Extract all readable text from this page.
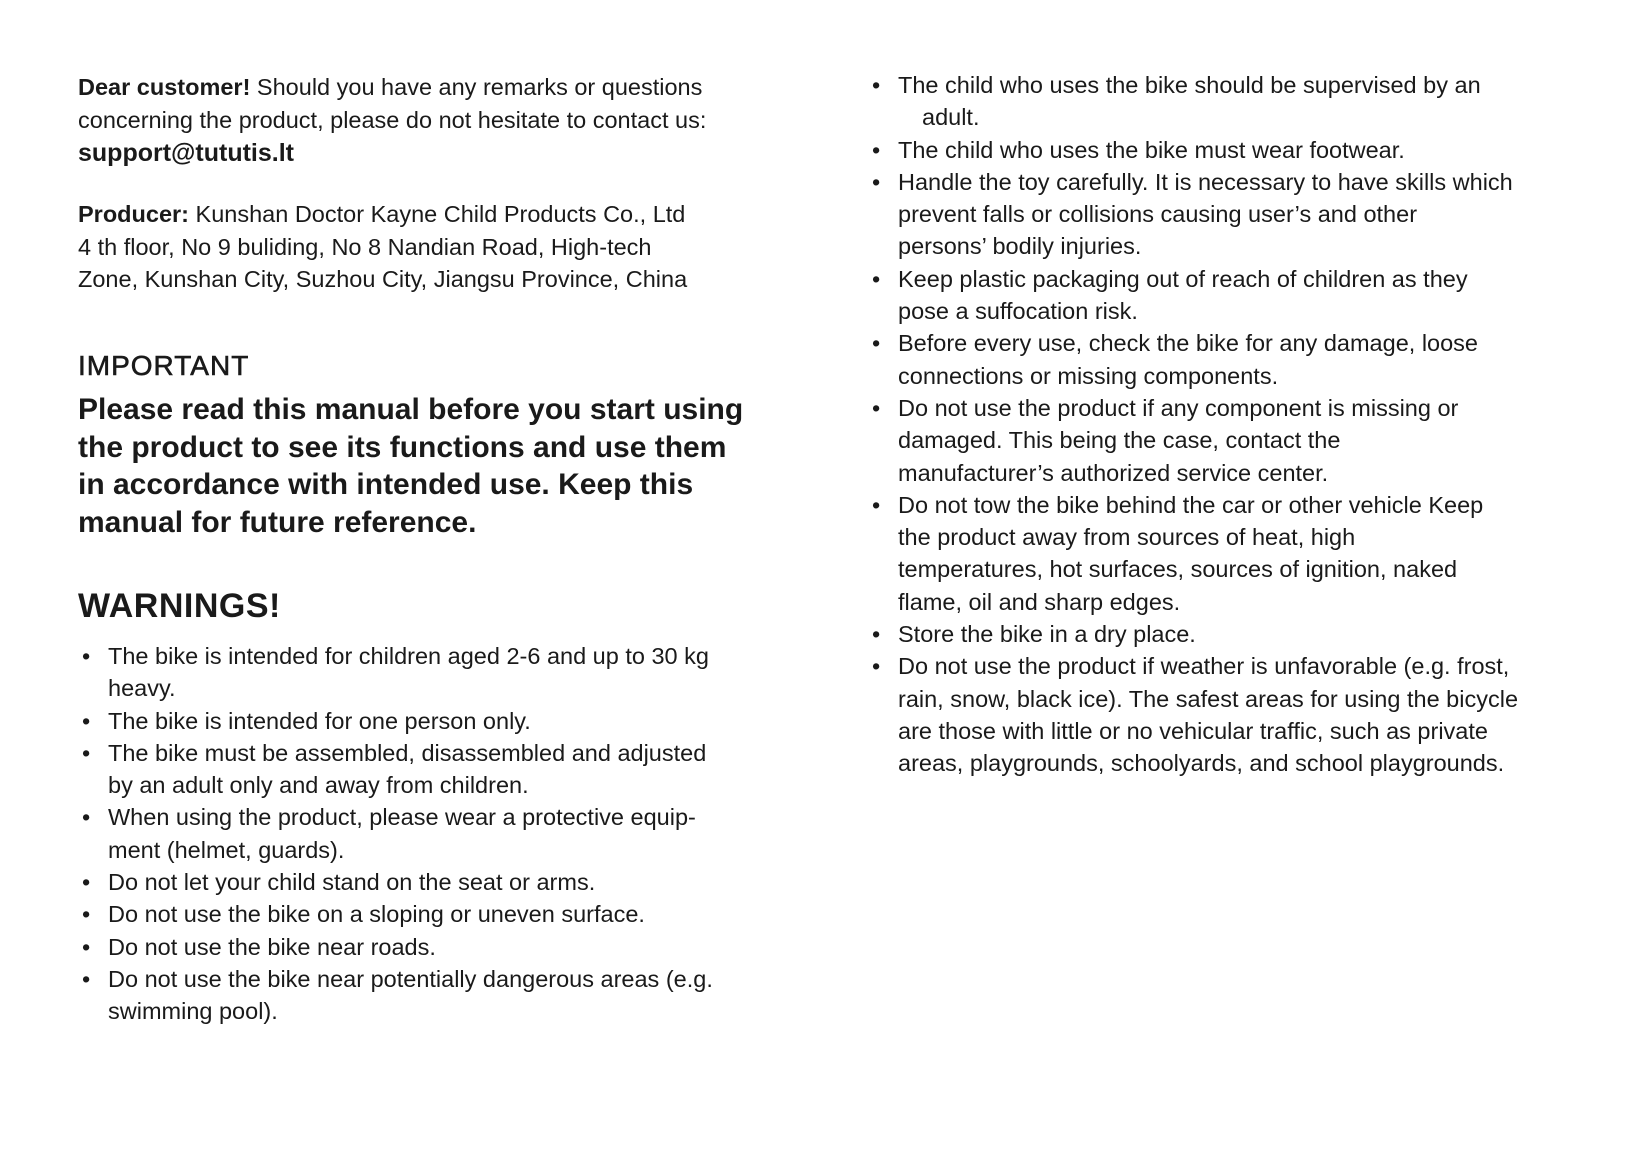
Dear customer! Should you have any remarks or questions
concerning the product, please do not hesitate to contact us:
support@tututis.lt

Producer: Kunshan Doctor Kayne Child Products Co., Ltd
4 th floor, No 9 buliding, No 8 Nandian Road, High-tech
Zone, Kunshan City, Suzhou City, Jiangsu Province, China

IMPORTANT

Please read this manual before you start using
the product to see its functions and use them
in accordance with intended use. Keep this
manual for future reference.

WARNINGS!
• The bike is intended for children aged 2-6 and up to 30 kg
heavy.
• The bike is intended for one person only.
• The bike must be assembled, disassembled and adjusted
by an adult only and away from children.
• When using the product, please wear a protective equip-
ment (helmet, guards).
• Do not let your child stand on the seat or arms.
• Do not use the bike on a sloping or uneven surface.
• Do not use the bike near roads.
• Do not use the bike near potentially dangerous areas (e.g.
swimming pool).
• The child who uses the bike should be supervised by an
adult.
• The child who uses the bike must wear footwear.
• Handle the toy carefully. It is necessary to have skills which
prevent falls or collisions causing user’s and other
persons’ bodily injuries.
• Keep plastic packaging out of reach of children as they
pose a suffocation risk.
• Before every use, check the bike for any damage, loose
connections or missing components.
• Do not use the product if any component is missing or
damaged. This being the case, contact the
manufacturer’s authorized service center.
• Do not tow the bike behind the car or other vehicle Keep
the product away from sources of heat, high
temperatures, hot surfaces, sources of ignition, naked
flame, oil and sharp edges.
• Store the bike in a dry place.
• Do not use the product if weather is unfavorable (e.g. frost,
rain, snow, black ice). The safest areas for using the bicycle
are those with little or no vehicular traffic, such as private
areas, playgrounds, schoolyards, and school playgrounds.
